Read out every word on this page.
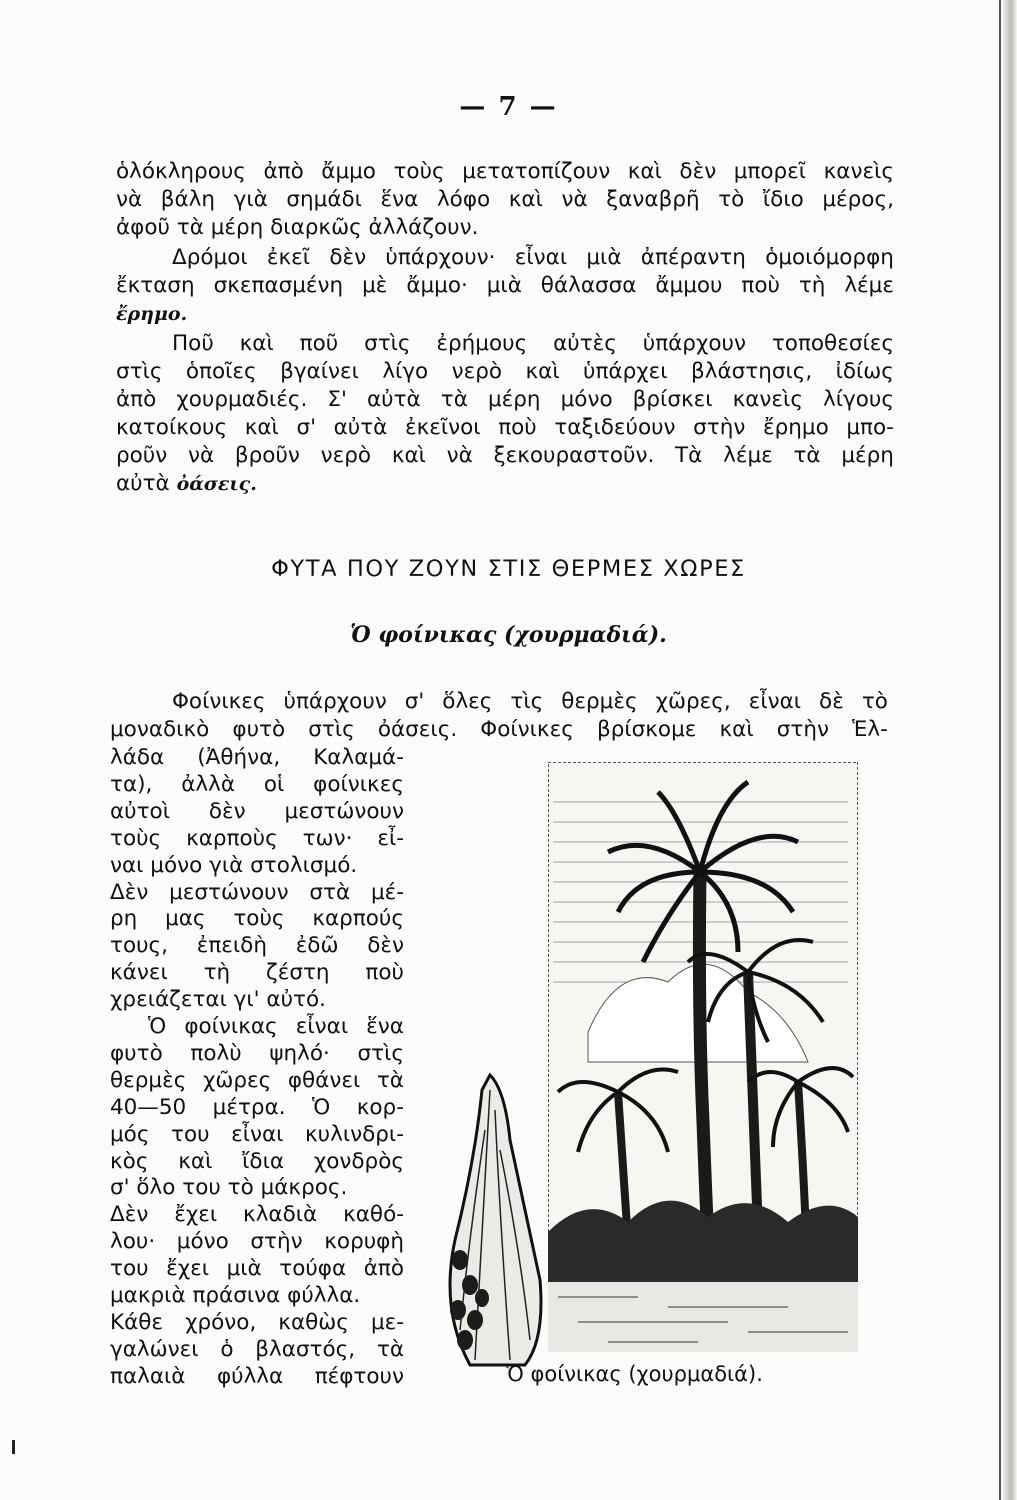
— 7 —
ὁλόκληρους ἀπὸ ἄμμο τοὺς μετατοπίζουν καὶ δὲν μπορεῖ κανεὶς
νὰ βάλη γιὰ σημάδι ἕνα λόφο καὶ νὰ ξαναβρῆ τὸ ἴδιο μέρος,
ἀφοῦ τὰ μέρη διαρκῶς ἀλλάζουν.
Δρόμοι ἐκεῖ δὲν ὑπάρχουν· εἶναι μιὰ ἀπέραντη ὁμοιόμορφη
ἔκταση σκεπασμένη μὲ ἄμμο· μιὰ θάλασσα ἄμμου ποὺ τὴ λέμε
ἔρημο.
Ποῦ καὶ ποῦ στὶς ἐρήμους αὐτὲς ὑπάρχουν τοποθεσίες
στὶς ὁποῖες βγαίνει λίγο νερὸ καὶ ὑπάρχει βλάστησις, ἰδίως
ἀπὸ χουρμαδιές. Σ' αὐτὰ τὰ μέρη μόνο βρίσκει κανεὶς λίγους
κατοίκους καὶ σ' αὐτὰ ἐκεῖνοι ποὺ ταξιδεύουν στὴν ἔρημο μπο-
ροῦν νὰ βροῦν νερὸ καὶ νὰ ξεκουραστοῦν. Τὰ λέμε τὰ μέρη
αὐτὰ ὀάσεις.
ΦΥΤΑ ΠΟΥ ΖΟΥΝ ΣΤΙΣ ΘΕΡΜΕΣ ΧΩΡΕΣ
Ὁ φοίνικας (χουρμαδιά).
Φοίνικες ὑπάρχουν σ' ὅλες τὶς θερμὲς χῶρες, εἶναι δὲ τὸ
μοναδικὸ φυτὸ στὶς ὀάσεις. Φοίνικες βρίσκομε καὶ στὴν Ἑλ-
λάδα (Ἀθήνα, Καλαμά-
τα), ἀλλὰ οἱ φοίνικες
αὐτοὶ δὲν μεστώνουν
τοὺς καρποὺς των· εἶ-
ναι μόνο γιὰ στολισμό.
Δὲν μεστώνουν στὰ μέ-
ρη μας τοὺς καρπούς
τους, ἐπειδὴ ἐδῶ δὲν
κάνει τὴ ζέστη ποὺ
χρειάζεται γι' αὐτό.
Ὁ φοίνικας εἶναι ἕνα
φυτὸ πολὺ ψηλό· στὶς
θερμὲς χῶρες φθάνει τὰ
40—50 μέτρα. Ὁ κορ-
μός του εἶναι κυλινδρι-
κὸς καὶ ἴδια χονδρὸς
σ' ὅλο του τὸ μάκρος.
Δὲν ἔχει κλαδιὰ καθό-
λου· μόνο στὴν κορυφὴ
του ἔχει μιὰ τούφα ἀπὸ
μακριὰ πράσινα φύλλα.
Κάθε χρόνο, καθὼς με-
γαλώνει ὁ βλαστός, τὰ
παλαιὰ φύλλα πέφτουν	Ὁ φοίνικας (χουρμαδιά).
